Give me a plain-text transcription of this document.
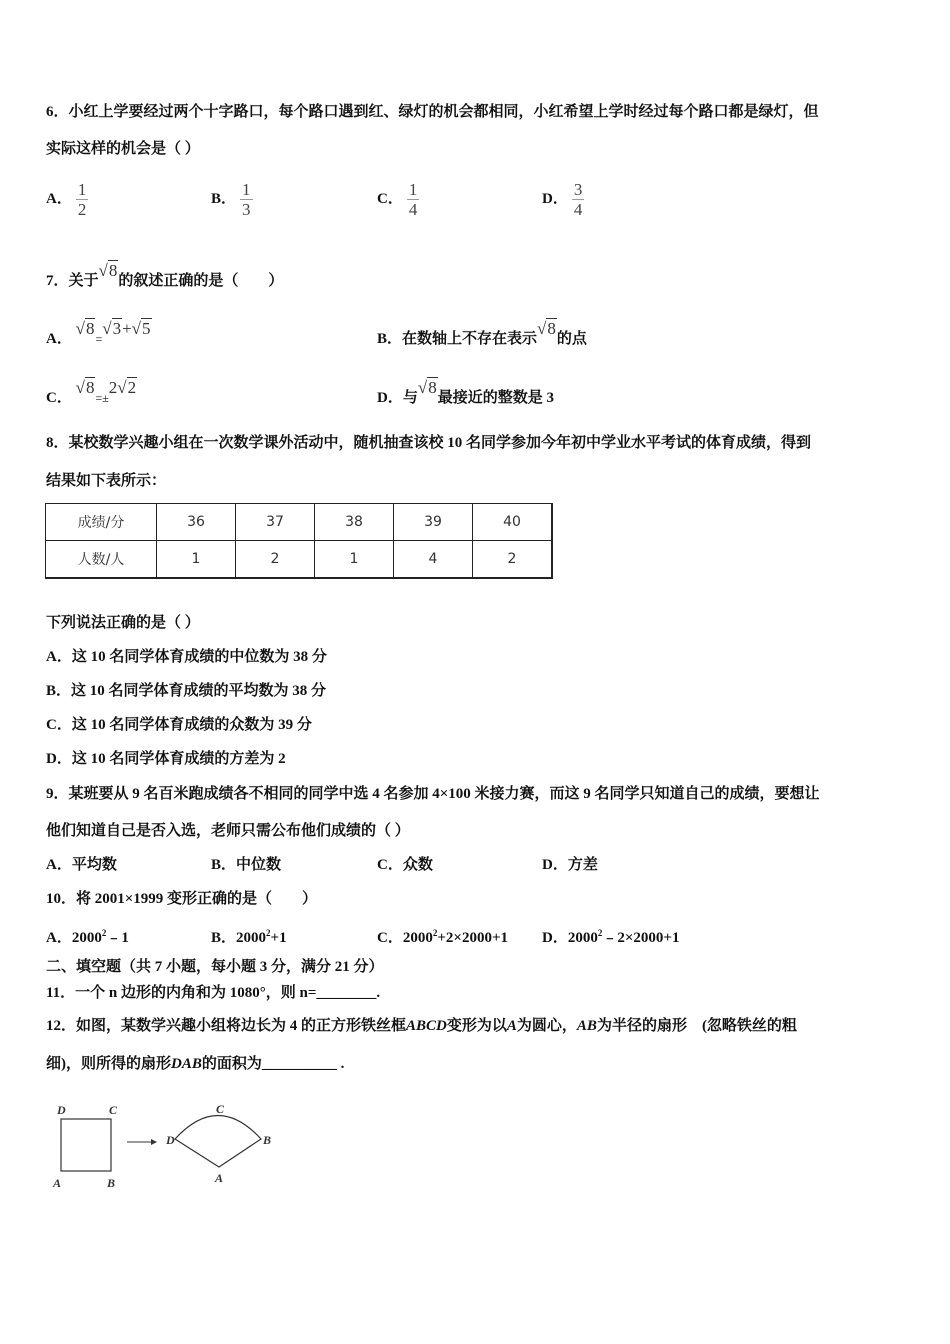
6．小红上学要经过两个十字路口，每个路口遇到红、绿灯的机会都相同，小红希望上学时经过每个路口都是绿灯，但
实际这样的机会是（ ）
A． $\frac{1}{2}$	B． $\frac{1}{3}$	C． $\frac{1}{4}$	D． $\frac{3}{4}$
7．关于√8的叙述正确的是（　　）
A． √8=√3+√5
B．在数轴上不存在表示√8的点
C． √8=±2√2
D．与√8最接近的整数是 3
8．某校数学兴趣小组在一次数学课外活动中，随机抽查该校 10 名同学参加今年初中学业水平考试的体育成绩，得到
结果如下表所示：
成绩/分	36	37	38	39	40
人数/人	1	2	1	4	2
下列说法正确的是（ ）
A．这 10 名同学体育成绩的中位数为 38 分
B．这 10 名同学体育成绩的平均数为 38 分
C．这 10 名同学体育成绩的众数为 39 分
D．这 10 名同学体育成绩的方差为 2
9．某班要从 9 名百米跑成绩各不相同的同学中选 4 名参加 4×100 米接力赛，而这 9 名同学只知道自己的成绩，要想让
他们知道自己是否入选，老师只需公布他们成绩的（ ）
A．平均数	B．中位数	C．众数	D．方差
10．将 2001×1999 变形正确的是（　　）
A．2000$^2$﹣1	B．$2000^2+1$	C．$2000^2+2\times 2000+1$ D．$2000^2﹣2\times 2000+1$
二、填空题（共 7 小题，每小题 3 分，满分 21 分）
11．一个 n 边形的内角和为 1080°，则 n=________.
12．如图，某数学兴趣小组将边长为 4 的正方形铁丝框ABCD变形为以A为圆心，AB为半径的扇形　(忽略铁丝的粗
细)，则所得的扇形DAB的面积为__________ .
D	C
A	B
C
D	B
A
